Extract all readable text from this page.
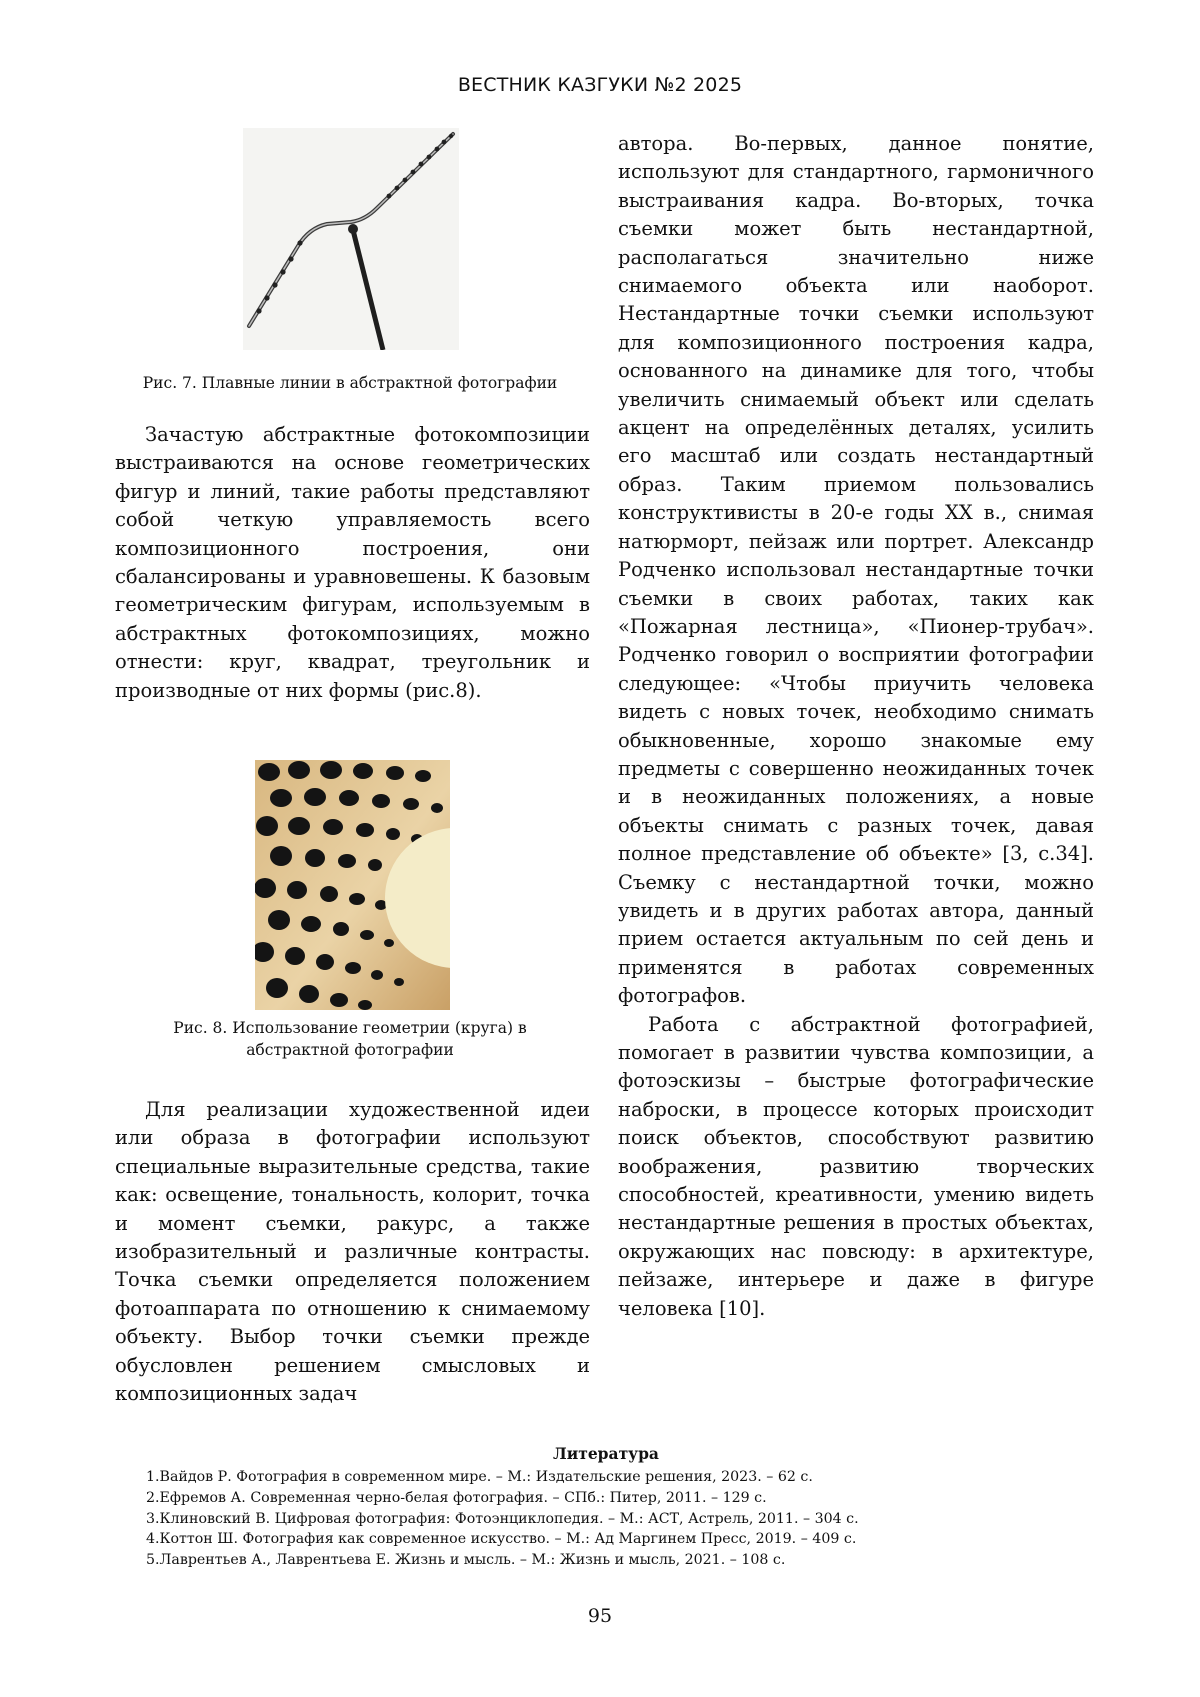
ВЕСТНИК КАЗГУКИ №2 2025
Рис. 7. Плавные линии в абстрактной фотографии

Зачастую абстрактные фотокомпозиции выстраиваются на основе геометрических фигур и линий, такие работы представляют собой четкую управляемость всего композиционного построения, они сбалансированы и уравновешены. К базовым геометрическим фигурам, используемым в абстрактных фотокомпозициях, можно отнести: круг, квадрат, треугольник и производные от них формы (рис.8).

Рис. 8. Использование геометрии (круга) в
абстрактной фотографии

Для реализации художественной идеи или образа в фотографии используют специальные выразительные средства, такие как: освещение, тональность, колорит, точка и момент съемки, ракурс, а также изобразительный и различные контрасты. Точка съемки определяется положением фотоаппарата по отношению к снимаемому объекту. Выбор точки съемки прежде обусловлен решением смысловых и композиционных задач

автора. Во-первых, данное понятие, используют для стандартного, гармоничного выстраивания кадра. Во-вторых, точка съемки может быть нестандартной, располагаться значительно ниже снимаемого объекта или наоборот. Нестандартные точки съемки используют для композиционного построения кадра, основанного на динамике для того, чтобы увеличить снимаемый объект или сделать акцент на определённых деталях, усилить его масштаб или создать нестандартный образ. Таким приемом пользовались конструктивисты в 20-е годы XX в., снимая натюрморт, пейзаж или портрет. Александр Родченко использовал нестандартные точки съемки в своих работах, таких как «Пожарная лестница», «Пионер-трубач». Родченко говорил о восприятии фотографии следующее: «Чтобы приучить человека видеть с новых точек, необходимо снимать обыкновенные, хорошо знакомые ему предметы с совершенно неожиданных точек и в неожиданных положениях, а новые объекты снимать с разных точек, давая полное представление об объекте» [3, с.34]. Съемку с нестандартной точки, можно увидеть и в других работах автора, данный прием остается актуальным по сей день и применятся в работах современных фотографов.

Работа с абстрактной фотографией, помогает в развитии чувства композиции, а фотоэскизы – быстрые фотографические наброски, в процессе которых происходит поиск объектов, способствуют развитию воображения, развитию творческих способностей, креативности, умению видеть нестандартные решения в простых объектах, окружающих нас повсюду: в архитектуре, пейзаже, интерьере и даже в фигуре человека [10].

Литература
1.Вайдов Р. Фотография в современном мире. – М.: Издательские решения, 2023. – 62 с.
2.Ефремов А. Современная черно-белая фотография. – СПб.: Питер, 2011. – 129 с.
3.Клиновский В. Цифровая фотография: Фотоэнциклопедия. – М.: АСТ, Астрель, 2011. – 304 с.
4.Коттон Ш. Фотография как современное искусство. – М.: Ад Маргинем Пресс, 2019. – 409 с.
5.Лаврентьев А., Лаврентьева Е. Жизнь и мысль. – М.: Жизнь и мысль, 2021. – 108 с.
95
